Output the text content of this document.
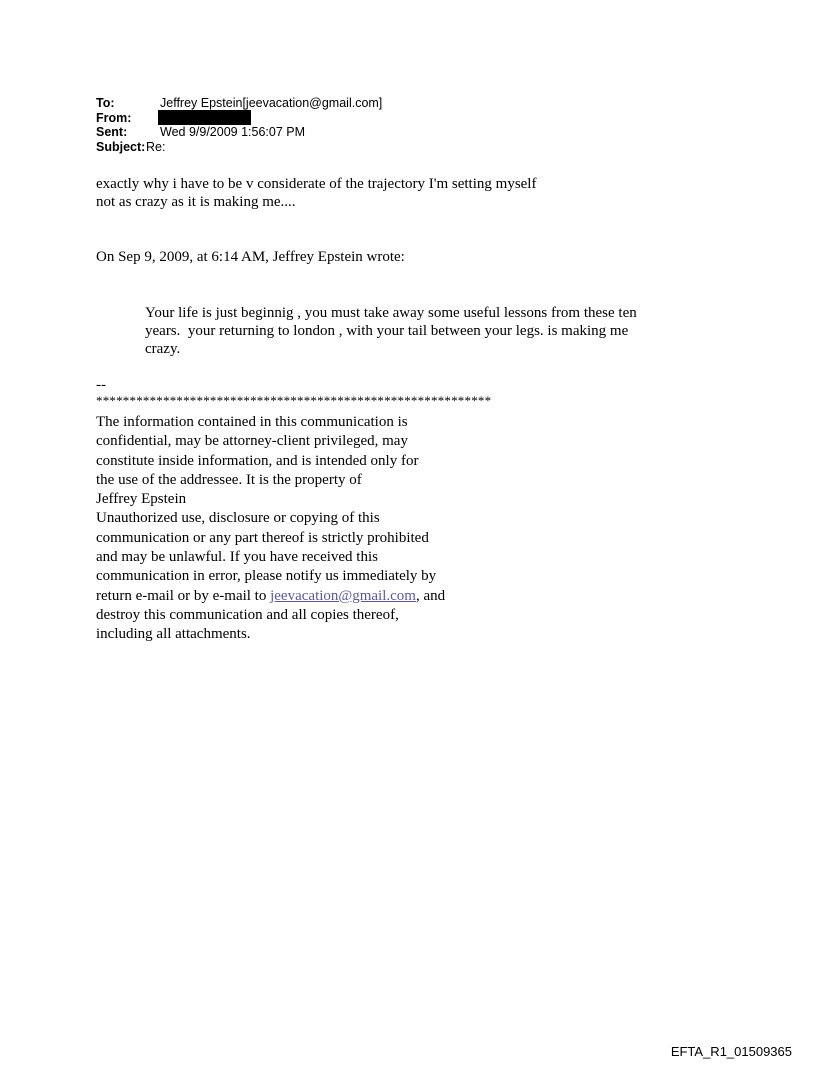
To:	Jeffrey Epstein[jeevacation@gmail.com]
From:
Sent:	Wed 9/9/2009 1:56:07 PM
Subject: Re:
exactly why i have to be v considerate of the trajectory I'm setting myself
not as crazy as it is making me....
On Sep 9, 2009, at 6:14 AM, Jeffrey Epstein wrote:
Your life is just beginnig , you must take away some useful lessons from these ten
years.  your returning to london , with your tail between your legs. is making me
crazy.
--
***********************************************************
The information contained in this communication is
confidential, may be attorney-client privileged, may
constitute inside information, and is intended only for
the use of the addressee. It is the property of
Jeffrey Epstein
Unauthorized use, disclosure or copying of this
communication or any part thereof is strictly prohibited
and may be unlawful. If you have received this
communication in error, please notify us immediately by
return e-mail or by e-mail to jeevacation@gmail.com, and
destroy this communication and all copies thereof,
including all attachments.
EFTA_R1_01509365
